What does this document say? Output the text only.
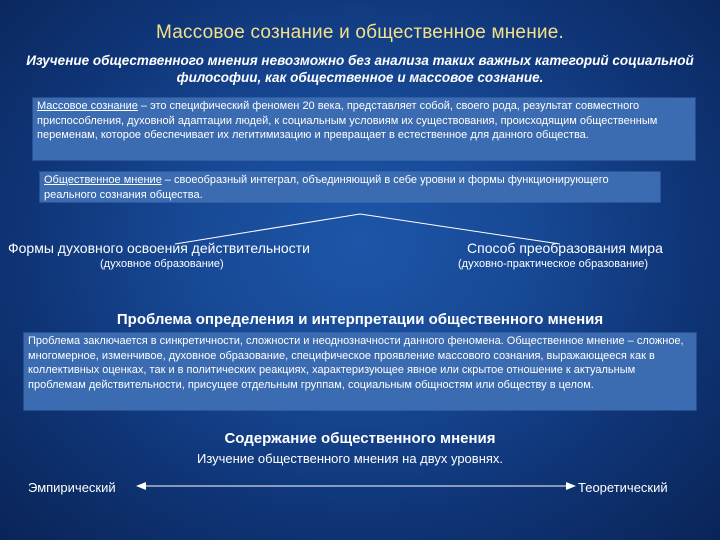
Массовое сознание и общественное мнение.
Изучение общественного мнения невозможно без анализа таких важных категорий социальной философии, как общественное и массовое сознание.
Массовое сознание – это специфический феномен 20 века, представляет собой, своего рода, результат совместного приспособления, духовной адаптации людей, к социальным условиям их существования, происходящим общественным переменам, которое обеспечивает их легитимизацию и превращает в естественное для данного общества.
Общественное мнение – своеобразный интеграл, объединяющий в себе уровни и формы функционирующего реального сознания общества.
Формы духовного освоения действительности
(духовное образование)
Способ преобразования мира
(духовно-практическое образование)
Проблема определения и интерпретации общественного мнения
Проблема заключается в синкретичности, сложности и неоднозначности данного феномена. Общественное мнение – сложное, многомерное, изменчивое, духовное образование, специфическое проявление массового сознания, выражающееся как в коллективных оценках, так и в политических реакциях, характеризующее явное или скрытое отношение к актуальным проблемам действительности, присущее отдельным группам, социальным общностям или обществу в целом.
Содержание общественного мнения
Изучение общественного мнения на двух уровнях.
Эмпирический	Теоретический
